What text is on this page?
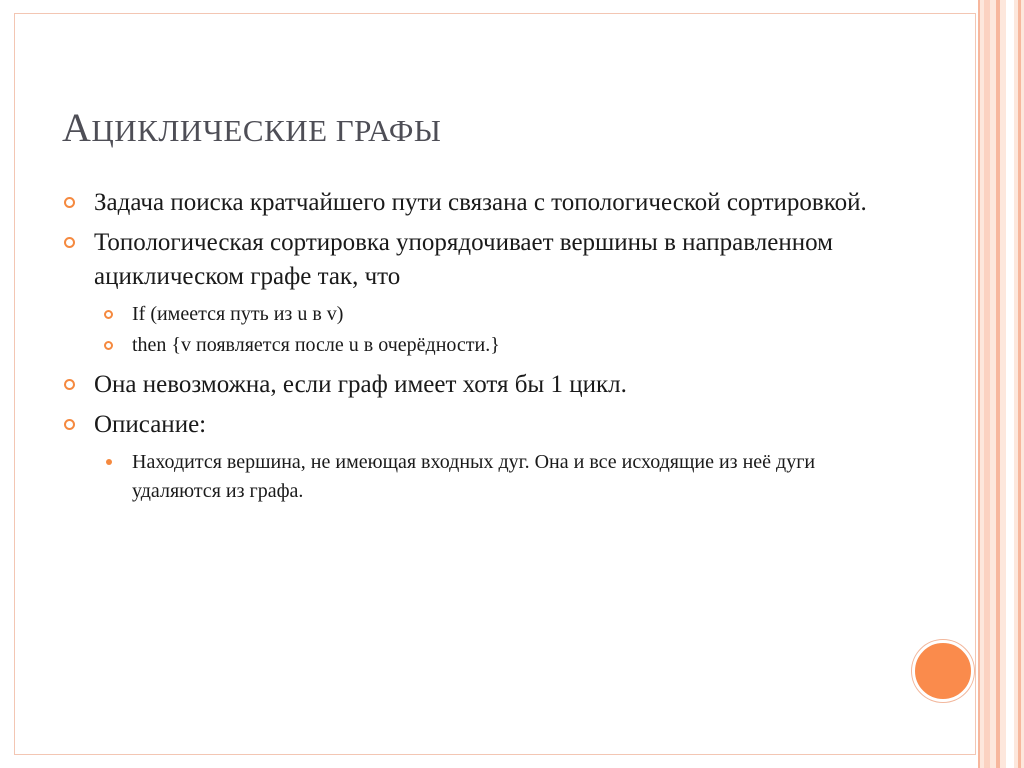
АЦИКЛИЧЕСКИЕ ГРАФЫ
Задача поиска кратчайшего пути связана с топологической сортировкой.
Топологическая сортировка упорядочивает вершины в направленном ациклическом графе так, что
If (имеется путь из u в v)
then {v появляется после u в очерёдности.}
Она невозможна, если граф имеет хотя бы 1 цикл.
Описание:
Находится вершина, не имеющая входных дуг. Она и все исходящие из неё дуги удаляются из графа.
